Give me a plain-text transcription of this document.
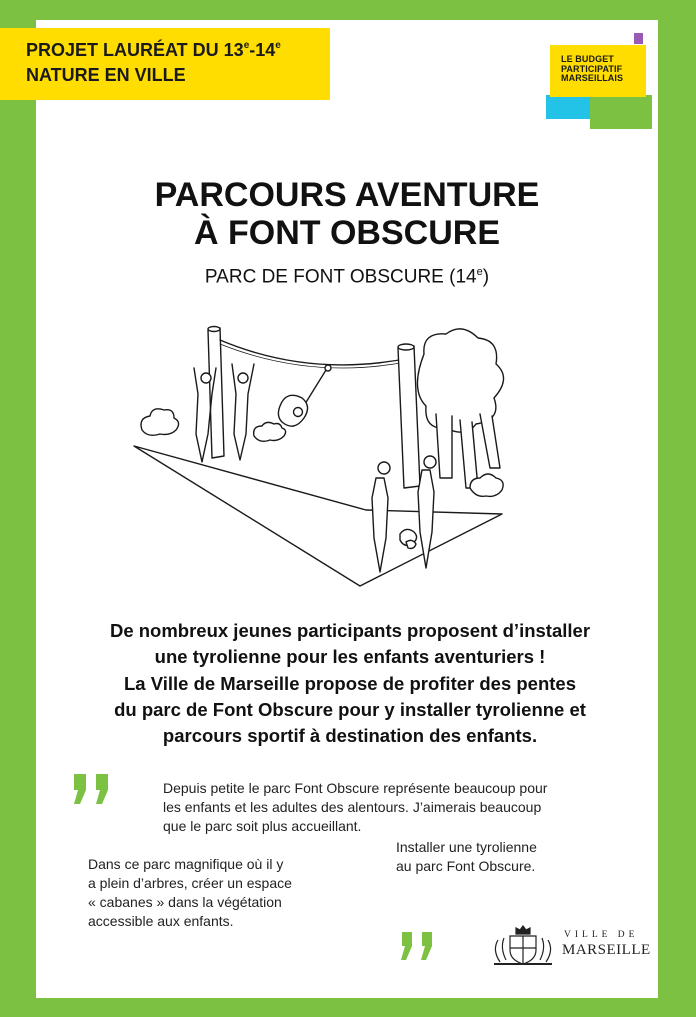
PROJET LAURÉAT DU 13e-14e
NATURE EN VILLE
LE BUDGET
PARTICIPATIF
MARSEILLAIS
PARCOURS AVENTURE
À FONT OBSCURE
PARC DE FONT OBSCURE (14e)
De nombreux jeunes participants proposent d’installer
une tyrolienne pour les enfants aventuriers !
La Ville de Marseille propose de profiter des pentes
du parc de Font Obscure pour y installer tyrolienne et
parcours sportif à destination des enfants.
Depuis petite le parc Font Obscure représente beaucoup pour
les enfants et les adultes des alentours. J’aimerais beaucoup
que le parc soit plus accueillant.
Installer une tyrolienne
au parc Font Obscure.
Dans ce parc magnifique où il y
a plein d’arbres, créer un espace
« cabanes » dans la végétation
accessible aux enfants.
VILLE DE
MARSEILLE
